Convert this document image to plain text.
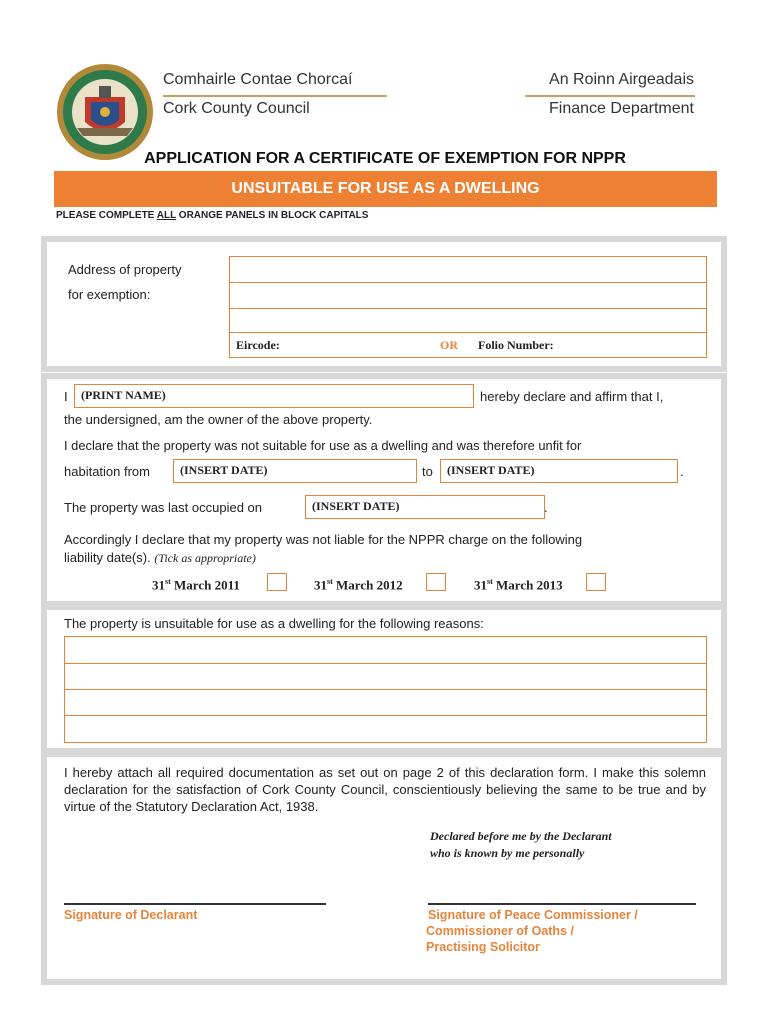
Comhairle Contae Chorcaí
Cork County Council
An Roinn Airgeadais
Finance Department
APPLICATION FOR A CERTIFICATE OF EXEMPTION FOR NPPR
UNSUITABLE FOR USE AS A DWELLING
PLEASE COMPLETE ALL ORANGE PANELS IN BLOCK CAPITALS
Address of property
for exemption:
Eircode:	OR Folio Number:
I (PRINT NAME)	hereby declare and affirm that I,
the undersigned, am the owner of the above property.
I declare that the property was not suitable for use as a dwelling and was therefore unfit for
habitation from	(INSERT DATE)	to (INSERT DATE)	.
The property was last occupied on	(INSERT DATE)	.
Accordingly I declare that my property was not liable for the NPPR charge on the following
liability date(s). (Tick as appropriate)
31st March 2011	31st March 2012	31st March 2013
The property is unsuitable for use as a dwelling for the following reasons:
I hereby attach all required documentation as set out on page 2 of this declaration form. I make this solemn declaration for the satisfaction of Cork County Council, conscientiously believing the same to be true and by virtue of the Statutory Declaration Act, 1938.
Declared before me by the Declarant
who is known by me personally
Signature of Declarant	Signature of Peace Commissioner /
Commissioner of Oaths /
Practising Solicitor
